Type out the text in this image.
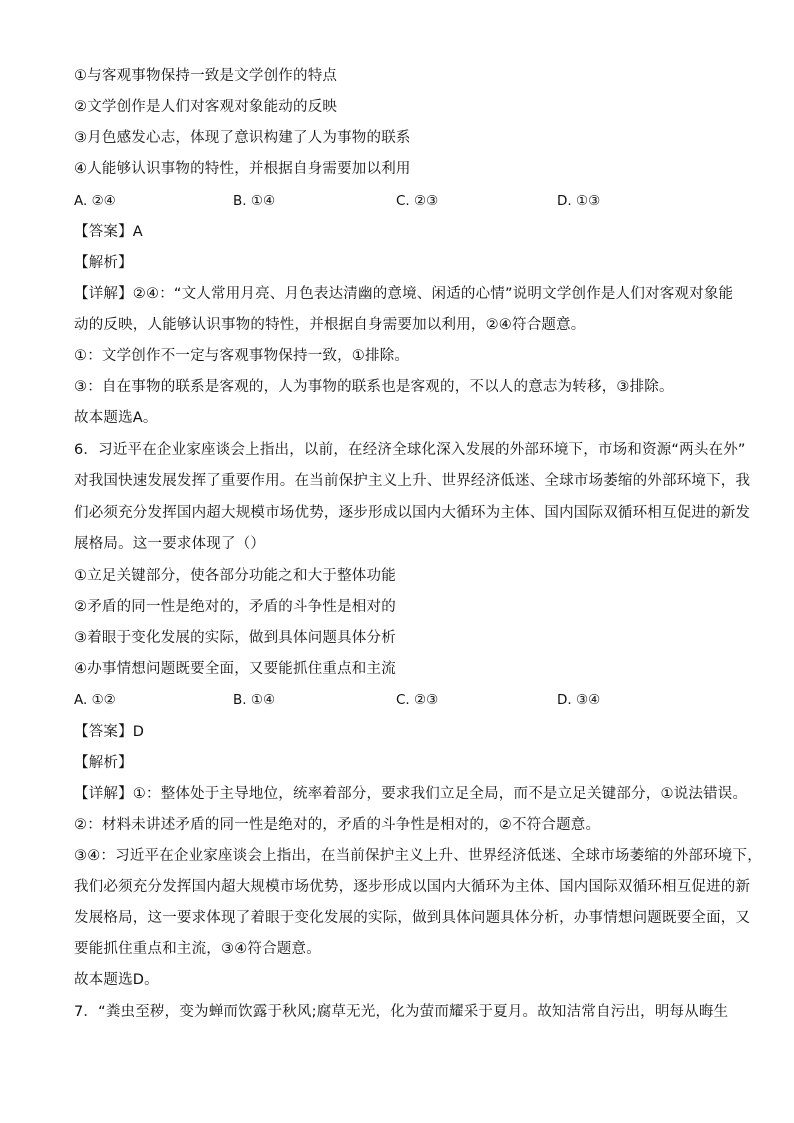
①与客观事物保持一致是文学创作的特点
②文学创作是人们对客观对象能动的反映
③月色感发心志，体现了意识构建了人为事物的联系
④人能够认识事物的特性，并根据自身需要加以利用
A. ②④	B. ①④	C. ②③	D. ①③
【答案】A
【解析】
【详解】②④：“文人常用月亮、月色表达清幽的意境、闲适的心情”说明文学创作是人们对客观对象能
动的反映，人能够认识事物的特性，并根据自身需要加以利用，②④符合题意。
①：文学创作不一定与客观事物保持一致，①排除。
③：自在事物的联系是客观的，人为事物的联系也是客观的，不以人的意志为转移，③排除。
故本题选A。
6．习近平在企业家座谈会上指出，以前，在经济全球化深入发展的外部环境下，市场和资源“两头在外”
对我国快速发展发挥了重要作用。在当前保护主义上升、世界经济低迷、全球市场萎缩的外部环境下，我
们必须充分发挥国内超大规模市场优势，逐步形成以国内大循环为主体、国内国际双循环相互促进的新发
展格局。这一要求体现了（）
①立足关键部分，使各部分功能之和大于整体功能
②矛盾的同一性是绝对的，矛盾的斗争性是相对的
③着眼于变化发展的实际，做到具体问题具体分析
④办事情想问题既要全面，又要能抓住重点和主流
A. ①②	B. ①④	C. ②③	D. ③④
【答案】D
【解析】
【详解】①：整体处于主导地位，统率着部分，要求我们立足全局，而不是立足关键部分，①说法错误。
②：材料未讲述矛盾的同一性是绝对的，矛盾的斗争性是相对的，②不符合题意。
③④：习近平在企业家座谈会上指出，在当前保护主义上升、世界经济低迷、全球市场萎缩的外部环境下，
我们必须充分发挥国内超大规模市场优势，逐步形成以国内大循环为主体、国内国际双循环相互促进的新
发展格局，这一要求体现了着眼于变化发展的实际，做到具体问题具体分析，办事情想问题既要全面，又
要能抓住重点和主流，③④符合题意。
故本题选D。
7．“粪虫至秽，变为蝉而饮露于秋风;腐草无光，化为萤而耀采于夏月。故知洁常自污出，明每从晦生
